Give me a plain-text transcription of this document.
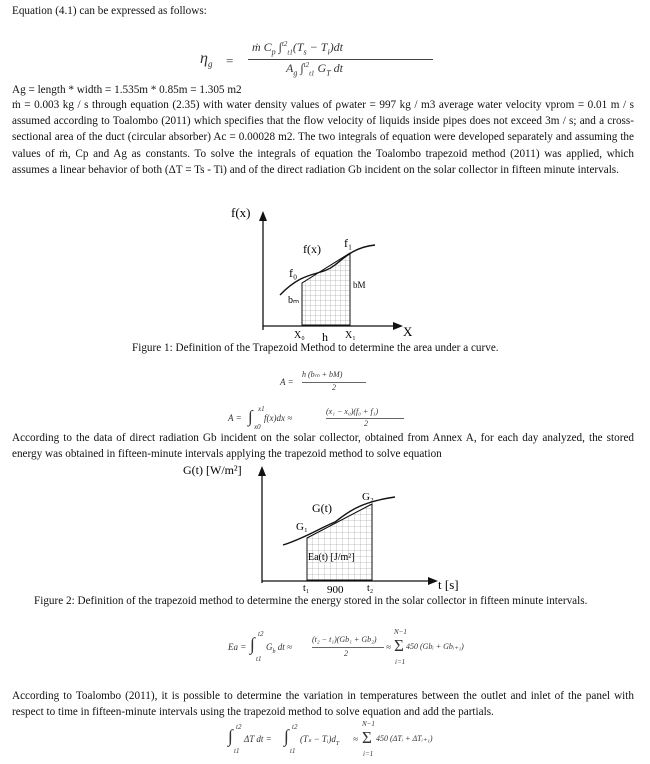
Equation (4.1) can be expressed as follows:
$\eta_g$ =
ṁ $C_p$ $\int^{t2}_{t1}(T_s - T_i)dt$
$A_g$ ∫$^{t2}_{t1}$ $G_T$ dt
Ag = length * width = 1.535m * 0.85m = 1.305 m2
ṁ = 0.003 kg / s through equation (2.35) with water density values of ρwater = 997 kg / m3 average water velocity vprom = 0.01 m / s assumed according to Toalombo (2011) which specifies that the flow velocity of liquids inside pipes does not exceed 3m / s; and a cross-sectional area of the duct (circular absorber) Ac = 0.00028 m2. The two integrals of equation were developed separately and assuming the values of ṁ, Cp and Ag as constants. To solve the integrals of equation the Toalombo trapezoid method (2011) was applied, which assumes a linear behavior of both (ΔT = Ts - Ti) and of the direct radiation Gb incident on the solar collector in fifteen minute intervals.
f(x)
f(x)
f₀
f₁
bₘ
bM
X₀ h X₁	X
Figure 1: Definition of the Trapezoid Method to determine the area under a curve.
A =
h (bₘ + bM)
2
A = ∫ x1
x0
f(x)dx ≈
(x₁ − x₀)(f₀ + f₁)
2
According to the data of direct radiation Gb incident on the solar collector, obtained from Annex A, for each day analyzed, the stored energy was obtained in fifteen-minute intervals applying the trapezoid method to solve equation
G(t) [W/m²]
G(t)
G₁
G₂
Ea(t) [J/m²]
t₁ 900 t₂	t [s]
Figure 2: Definition of the trapezoid method to determine the energy stored in the solar collector in fifteen minute intervals.
Ea = ∫ t2
t1
$G_b$ dt ≈
(t₂ − t₁)(Gb₁ + Gb₂)
2
≈
N−1
Σ
i=1
450 (Gbᵢ + Gbᵢ₊₁)
According to Toalombo (2011), it is possible to determine the variation in temperatures between the outlet and inlet of the panel with respect to time in fifteen-minute intervals using the trapezoid method to solve equation and add the partials.
∫ t2
t1
ΔT dt = ∫ t2
t1
$(T_s - Tᵢ)d_T$ ≈
N−1
Σ
i=1
450 (ΔTᵢ + ΔTᵢ₊₁)
